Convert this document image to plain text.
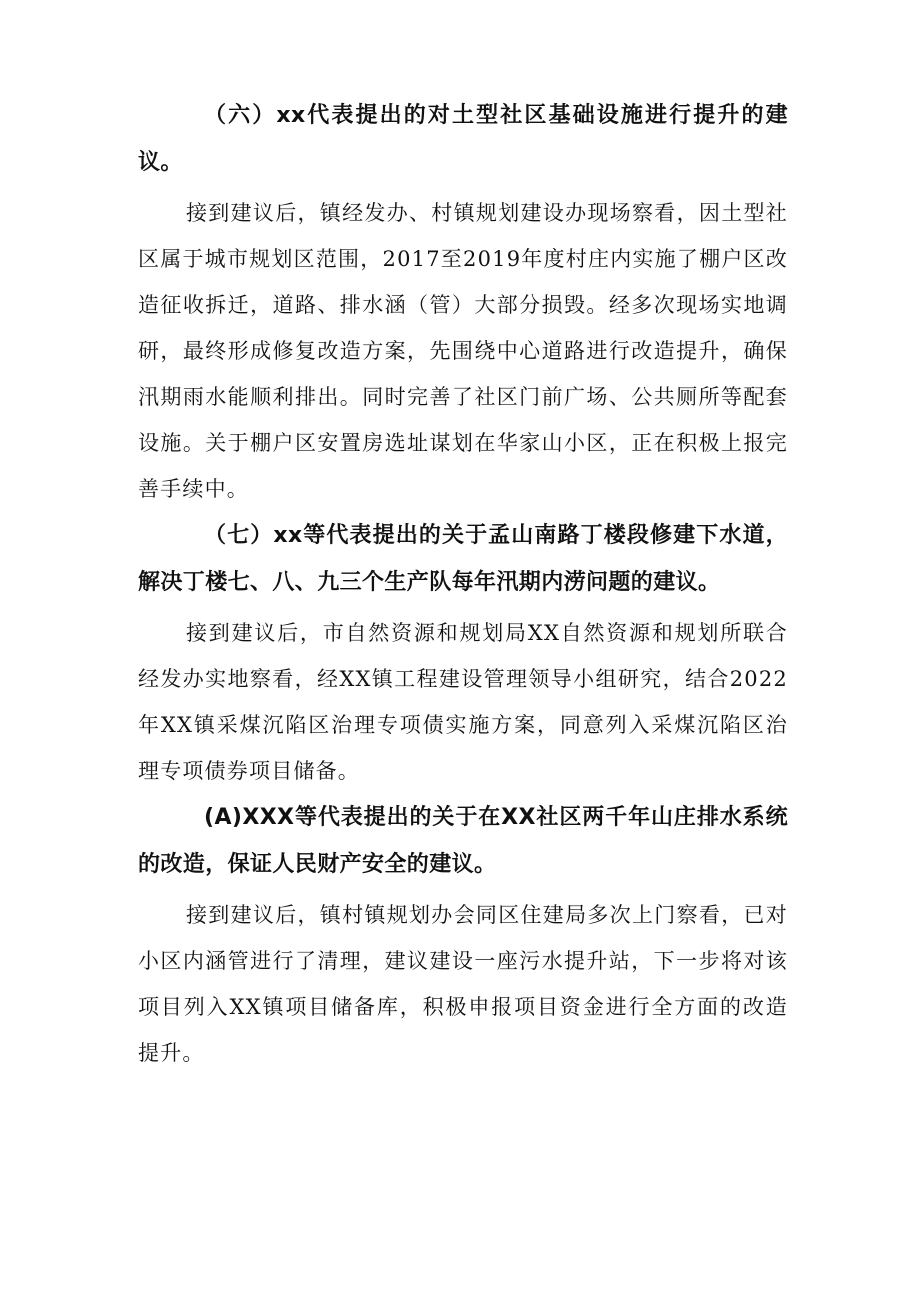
（六）xx代表提出的对土型社区基础设施进行提升的建议。

接到建议后，镇经发办、村镇规划建设办现场察看，因土型社区属于城市规划区范围，2017至2019年度村庄内实施了棚户区改造征收拆迁，道路、排水涵（管）大部分损毁。经多次现场实地调研，最终形成修复改造方案，先围绕中心道路进行改造提升，确保汛期雨水能顺利排出。同时完善了社区门前广场、公共厕所等配套设施。关于棚户区安置房选址谋划在华家山小区，正在积极上报完善手续中。

（七）xx等代表提出的关于孟山南路丁楼段修建下水道，解决丁楼七、八、九三个生产队每年汛期内涝问题的建议。

接到建议后，市自然资源和规划局XX自然资源和规划所联合经发办实地察看，经XX镇工程建设管理领导小组研究，结合2022年XX镇采煤沉陷区治理专项债实施方案，同意列入采煤沉陷区治理专项债券项目储备。

(A)XXX等代表提出的关于在XX社区两千年山庄排水系统的改造，保证人民财产安全的建议。

接到建议后，镇村镇规划办会同区住建局多次上门察看，已对小区内涵管进行了清理，建议建设一座污水提升站，下一步将对该项目列入XX镇项目储备库，积极申报项目资金进行全方面的改造提升。
